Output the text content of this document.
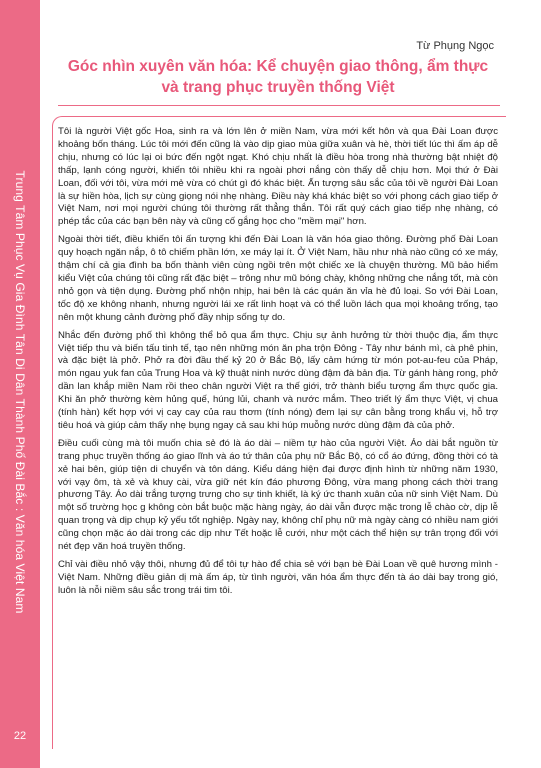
Trung Tâm Phục Vụ Gia Đình Tân Di Dân Thành Phố Đài Bắc : Văn hóa Việt Nam
22
Từ Phụng Ngọc
Góc nhìn xuyên văn hóa: Kể chuyện giao thông, ẩm thực và trang phục truyền thống Việt

Tôi là người Việt gốc Hoa, sinh ra và lớn lên ở miền Nam, vừa mới kết hôn và qua Đài Loan được khoảng bốn tháng. Lúc tôi mới đến cũng là vào dịp giao mùa giữa xuân và hè, thời tiết lúc thì ấm áp dễ chịu, nhưng có lúc lại oi bức đến ngột ngạt. Khó chịu nhất là điều hòa trong nhà thường bật nhiệt độ thấp, lạnh cóng người, khiến tôi nhiều khi ra ngoài phơi nắng còn thấy dễ chịu hơn. Mọi thứ ở Đài Loan, đối với tôi, vừa mới mẻ vừa có chút gì đó khác biệt. Ấn tượng sâu sắc của tôi về người Đài Loan là sự hiền hòa, lịch sự cùng giọng nói nhẹ nhàng. Điều này khá khác biệt so với phong cách giao tiếp ở Việt Nam, nơi mọi người chúng tôi thường rất thẳng thắn. Tôi rất quý cách giao tiếp nhẹ nhàng, có phép tắc của các bạn bên này và cũng cố gắng học cho "mềm mại" hơn.

Ngoài thời tiết, điều khiến tôi ấn tượng khi đến Đài Loan là văn hóa giao thông. Đường phố Đài Loan quy hoạch ngăn nắp, ô tô chiếm phần lớn, xe máy lại ít. Ở Việt Nam, hầu như nhà nào cũng có xe máy, thậm chí cả gia đình ba bốn thành viên cùng ngồi trên một chiếc xe là chuyện thường. Mũ bảo hiểm kiểu Việt của chúng tôi cũng rất đặc biệt – trông như mũ bóng chày, không những che nắng tốt, mà còn nhỏ gọn và tiện dụng. Đường phố nhộn nhịp, hai bên là các quán ăn vỉa hè đủ loại. So với Đài Loan, tốc độ xe không nhanh, nhưng người lái xe rất linh hoạt và có thể luồn lách qua mọi khoảng trống, tạo nên một khung cảnh đường phố đầy nhịp sống tự do.

Nhắc đến đường phố thì không thể bỏ qua ẩm thực. Chịu sự ảnh hưởng từ thời thuộc địa, ẩm thực Việt tiếp thu và biến tấu tinh tế, tạo nên những món ăn pha trộn Đông - Tây như bánh mì, cà phê phin, và đặc biệt là phở. Phở ra đời đầu thế kỷ 20 ở Bắc Bộ, lấy cảm hứng từ món pot-au-feu của Pháp, món ngau yuk fan của Trung Hoa và kỹ thuật ninh nước dùng đậm đà bản địa. Từ gánh hàng rong, phở dần lan khắp miền Nam rồi theo chân người Việt ra thế giới, trở thành biểu tượng ẩm thực quốc gia. Khi ăn phở thường kèm hủng quế, húng lủi, chanh và nước mắm. Theo triết lý ẩm thực Việt, vị chua (tính hàn) kết hợp với vị cay cay của rau thơm (tính nóng) đem lại sự cân bằng trong khẩu vị, hỗ trợ tiêu hoá và giúp cảm thấy nhẹ bụng ngay cả sau khi húp muỗng nước dùng đậm đà của phở.

Điều cuối cùng mà tôi muốn chia sẻ đó là áo dài – niềm tự hào của người Việt. Áo dài bắt nguồn từ trang phục truyền thống áo giao lĩnh và áo tứ thân của phụ nữ Bắc Bộ, có cổ áo đứng, đồng thời có tà xẻ hai bên, giúp tiện di chuyển và tôn dáng. Kiểu dáng hiện đại được định hình từ những năm 1930, với vạy ôm, tà xẻ và khuy cài, vừa giữ nét kín đáo phương Đông, vừa mang phong cách thời trang phương Tây. Áo dài trắng tượng trưng cho sự tinh khiết, là ký ức thanh xuân của nữ sinh Việt Nam. Dù một số trường học g không còn bắt buộc mặc hàng ngày, áo dài vẫn được mặc trong lễ chào cờ, dịp lễ quan trọng và dịp chụp kỷ yếu tốt nghiệp. Ngày nay, không chỉ phụ nữ mà ngày càng có nhiều nam giới cũng chọn mặc áo dài trong các dịp như Tết hoặc lễ cưới, như một cách thể hiện sự trân trọng đối với nét đẹp văn hoá truyền thống.

Chỉ vài điều nhỏ vậy thôi, nhưng đủ để tôi tự hào để chia sẻ với bạn bè Đài Loan về quê hương mình - Việt Nam. Những điều giản dị mà ấm áp, từ tình người, văn hóa ẩm thực đến tà áo dài bay trong gió, luôn là nỗi niềm sâu sắc trong trái tim tôi.
